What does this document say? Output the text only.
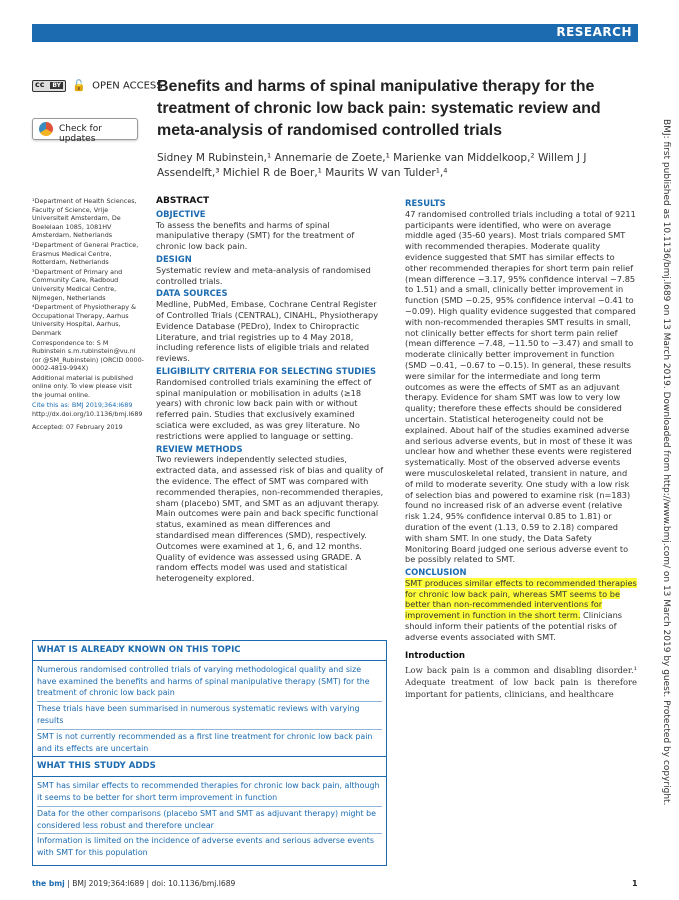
RESEARCH
cc BY 🔓 OPEN ACCESS
Check for updates
Benefits and harms of spinal manipulative therapy for the treatment of chronic low back pain: systematic review and meta-analysis of randomised controlled trials
Sidney M Rubinstein,¹ Annemarie de Zoete,¹ Marienke van Middelkoop,² Willem J J Assendelft,³ Michiel R de Boer,¹ Maurits W van Tulder¹,⁴

¹Department of Health Sciences, Faculty of Science, Vrije Universiteit Amsterdam, De Boelelaan 1085, 1081HV Amsterdam, Netherlands

²Department of General Practice, Erasmus Medical Centre, Rotterdam, Netherlands

³Department of Primary and Community Care, Radboud University Medical Centre, Nijmegen, Netherlands

⁴Department of Physiotherapy & Occupational Therapy, Aarhus University Hospital, Aarhus, Denmark

Correspondence to: S M Rubinstein s.m.rubinstein@vu.nl (or @SM_Rubinstein) (ORCID 0000-0002-4819-994X)

Additional material is published online only. To view please visit the journal online.

Cite this as: BMJ 2019;364:l689

http://dx.doi.org/10.1136/bmj.l689

Accepted: 07 February 2019

ABSTRACT
OBJECTIVE

To assess the benefits and harms of spinal manipulative therapy (SMT) for the treatment of chronic low back pain.

DESIGN

Systematic review and meta-analysis of randomised controlled trials.

DATA SOURCES

Medline, PubMed, Embase, Cochrane Central Register of Controlled Trials (CENTRAL), CINAHL, Physiotherapy Evidence Database (PEDro), Index to Chiropractic Literature, and trial registries up to 4 May 2018, including reference lists of eligible trials and related reviews.

ELIGIBILITY CRITERIA FOR SELECTING STUDIES

Randomised controlled trials examining the effect of spinal manipulation or mobilisation in adults (≥18 years) with chronic low back pain with or without referred pain. Studies that exclusively examined sciatica were excluded, as was grey literature. No restrictions were applied to language or setting.

REVIEW METHODS

Two reviewers independently selected studies, extracted data, and assessed risk of bias and quality of the evidence. The effect of SMT was compared with recommended therapies, non-recommended therapies, sham (placebo) SMT, and SMT as an adjuvant therapy. Main outcomes were pain and back specific functional status, examined as mean differences and standardised mean differences (SMD), respectively. Outcomes were examined at 1, 6, and 12 months. Quality of evidence was assessed using GRADE. A random effects model was used and statistical heterogeneity explored.

RESULTS

47 randomised controlled trials including a total of 9211 participants were identified, who were on average middle aged (35-60 years). Most trials compared SMT with recommended therapies. Moderate quality evidence suggested that SMT has similar effects to other recommended therapies for short term pain relief (mean difference −3.17, 95% confidence interval −7.85 to 1.51) and a small, clinically better improvement in function (SMD −0.25, 95% confidence interval −0.41 to −0.09). High quality evidence suggested that compared with non-recommended therapies SMT results in small, not clinically better effects for short term pain relief (mean difference −7.48, −11.50 to −3.47) and small to moderate clinically better improvement in function (SMD −0.41, −0.67 to −0.15). In general, these results were similar for the intermediate and long term outcomes as were the effects of SMT as an adjuvant therapy. Evidence for sham SMT was low to very low quality; therefore these effects should be considered uncertain. Statistical heterogeneity could not be explained. About half of the studies examined adverse and serious adverse events, but in most of these it was unclear how and whether these events were registered systematically. Most of the observed adverse events were musculoskeletal related, transient in nature, and of mild to moderate severity. One study with a low risk of selection bias and powered to examine risk (n=183) found no increased risk of an adverse event (relative risk 1.24, 95% confidence interval 0.85 to 1.81) or duration of the event (1.13, 0.59 to 2.18) compared with sham SMT. In one study, the Data Safety Monitoring Board judged one serious adverse event to be possibly related to SMT.

CONCLUSION

SMT produces similar effects to recommended therapies for chronic low back pain, whereas SMT seems to be better than non-recommended interventions for improvement in function in the short term. Clinicians should inform their patients of the potential risks of adverse events associated with SMT.

Introduction

Low back pain is a common and disabling disorder.¹ Adequate treatment of low back pain is therefore important for patients, clinicians, and healthcare

WHAT IS ALREADY KNOWN ON THIS TOPIC
Numerous randomised controlled trials of varying methodological quality and size have examined the benefits and harms of spinal manipulative therapy (SMT) for the treatment of chronic low back pain
These trials have been summarised in numerous systematic reviews with varying results
SMT is not currently recommended as a first line treatment for chronic low back pain and its effects are uncertain
WHAT THIS STUDY ADDS
SMT has similar effects to recommended therapies for chronic low back pain, although it seems to be better for short term improvement in function
Data for the other comparisons (placebo SMT and SMT as adjuvant therapy) might be considered less robust and therefore unclear
Information is limited on the incidence of adverse events and serious adverse events with SMT for this population
BMJ: first published as 10.1136/bmj.l689 on 13 March 2019. Downloaded from http://www.bmj.com/ on 13 March 2019 by guest. Protected by copyright.
the bmj | BMJ 2019;364:l689 | doi: 10.1136/bmj.l689	1
